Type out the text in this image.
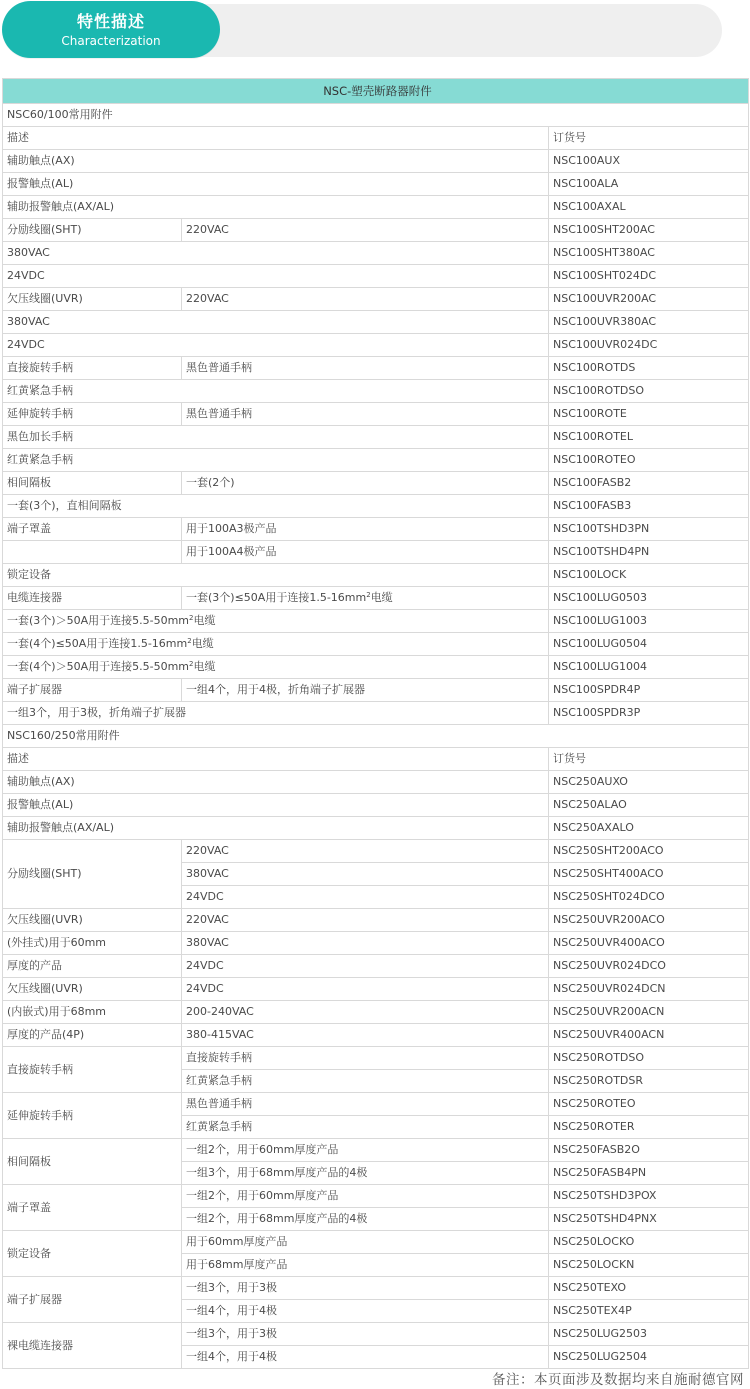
特性描述
Characterization
NSC-塑壳断路器附件		
NSC60/100常用附件		
描述		订货号
辅助触点(AX)		NSC100AUX
报警触点(AL)		NSC100ALA
辅助报警触点(AX/AL)		NSC100AXAL
分励线圈(SHT)	220VAC	NSC100SHT200AC
380VAC		NSC100SHT380AC
24VDC		NSC100SHT024DC
欠压线圈(UVR)	220VAC	NSC100UVR200AC
380VAC		NSC100UVR380AC
24VDC		NSC100UVR024DC
直接旋转手柄	黑色普通手柄	NSC100ROTDS
红黄紧急手柄		NSC100ROTDSO
延伸旋转手柄	黑色普通手柄	NSC100ROTE
黑色加长手柄		NSC100ROTEL
红黄紧急手柄		NSC100ROTEO
相间隔板	一套(2个)	NSC100FASB2
一套(3个)，直相间隔板		NSC100FASB3
端子罩盖	用于100A3极产品	NSC100TSHD3PN
	用于100A4极产品	NSC100TSHD4PN
锁定设备		NSC100LOCK
电缆连接器	一套(3个)≤50A用于连接$1.5-16mm^2$电缆	NSC100LUG0503
一套(3个)＞50A用于连接$5.5-50mm^2$电缆		NSC100LUG1003
一套(4个)≤50A用于连接$1.5-16mm^2$电缆		NSC100LUG0504
一套(4个)＞50A用于连接$5.5-50mm^2$电缆		NSC100LUG1004
端子扩展器	一组4个，用于4极，折角端子扩展器	NSC100SPDR4P
一组3个，用于3极，折角端子扩展器		NSC100SPDR3P
NSC160/250常用附件		
描述		订货号
辅助触点(AX)		NSC250AUXO
报警触点(AL)		NSC250ALAO
辅助报警触点(AX/AL)		NSC250AXALO
分励线圈(SHT)	220VAC	NSC250SHT200ACO
	380VAC	NSC250SHT400ACO
	24VDC	NSC250SHT024DCO
欠压线圈(UVR)	220VAC	NSC250UVR200ACO
(外挂式)用于60mm	380VAC	NSC250UVR400ACO
厚度的产品	24VDC	NSC250UVR024DCO
欠压线圈(UVR)	24VDC	NSC250UVR024DCN
(内嵌式)用于68mm	200-240VAC	NSC250UVR200ACN
厚度的产品(4P)	380-415VAC	NSC250UVR400ACN
直接旋转手柄	直接旋转手柄	NSC250ROTDSO
	红黄紧急手柄	NSC250ROTDSR
延伸旋转手柄	黑色普通手柄	NSC250ROTEO
	红黄紧急手柄	NSC250ROTER
相间隔板	一组2个，用于60mm厚度产品	NSC250FASB2O
	一组3个，用于68mm厚度产品的4极	NSC250FASB4PN
端子罩盖	一组2个，用于60mm厚度产品	NSC250TSHD3POX
	一组2个，用于68mm厚度产品的4极	NSC250TSHD4PNX
锁定设备	用于60mm厚度产品	NSC250LOCKO
	用于68mm厚度产品	NSC250LOCKN
端子扩展器	一组3个，用于3极	NSC250TEXO
	一组4个，用于4极	NSC250TEX4P
裸电缆连接器	一组3个，用于3极	NSC250LUG2503
	一组4个，用于4极	NSC250LUG2504
备注：本页面涉及数据均来自施耐德官网
